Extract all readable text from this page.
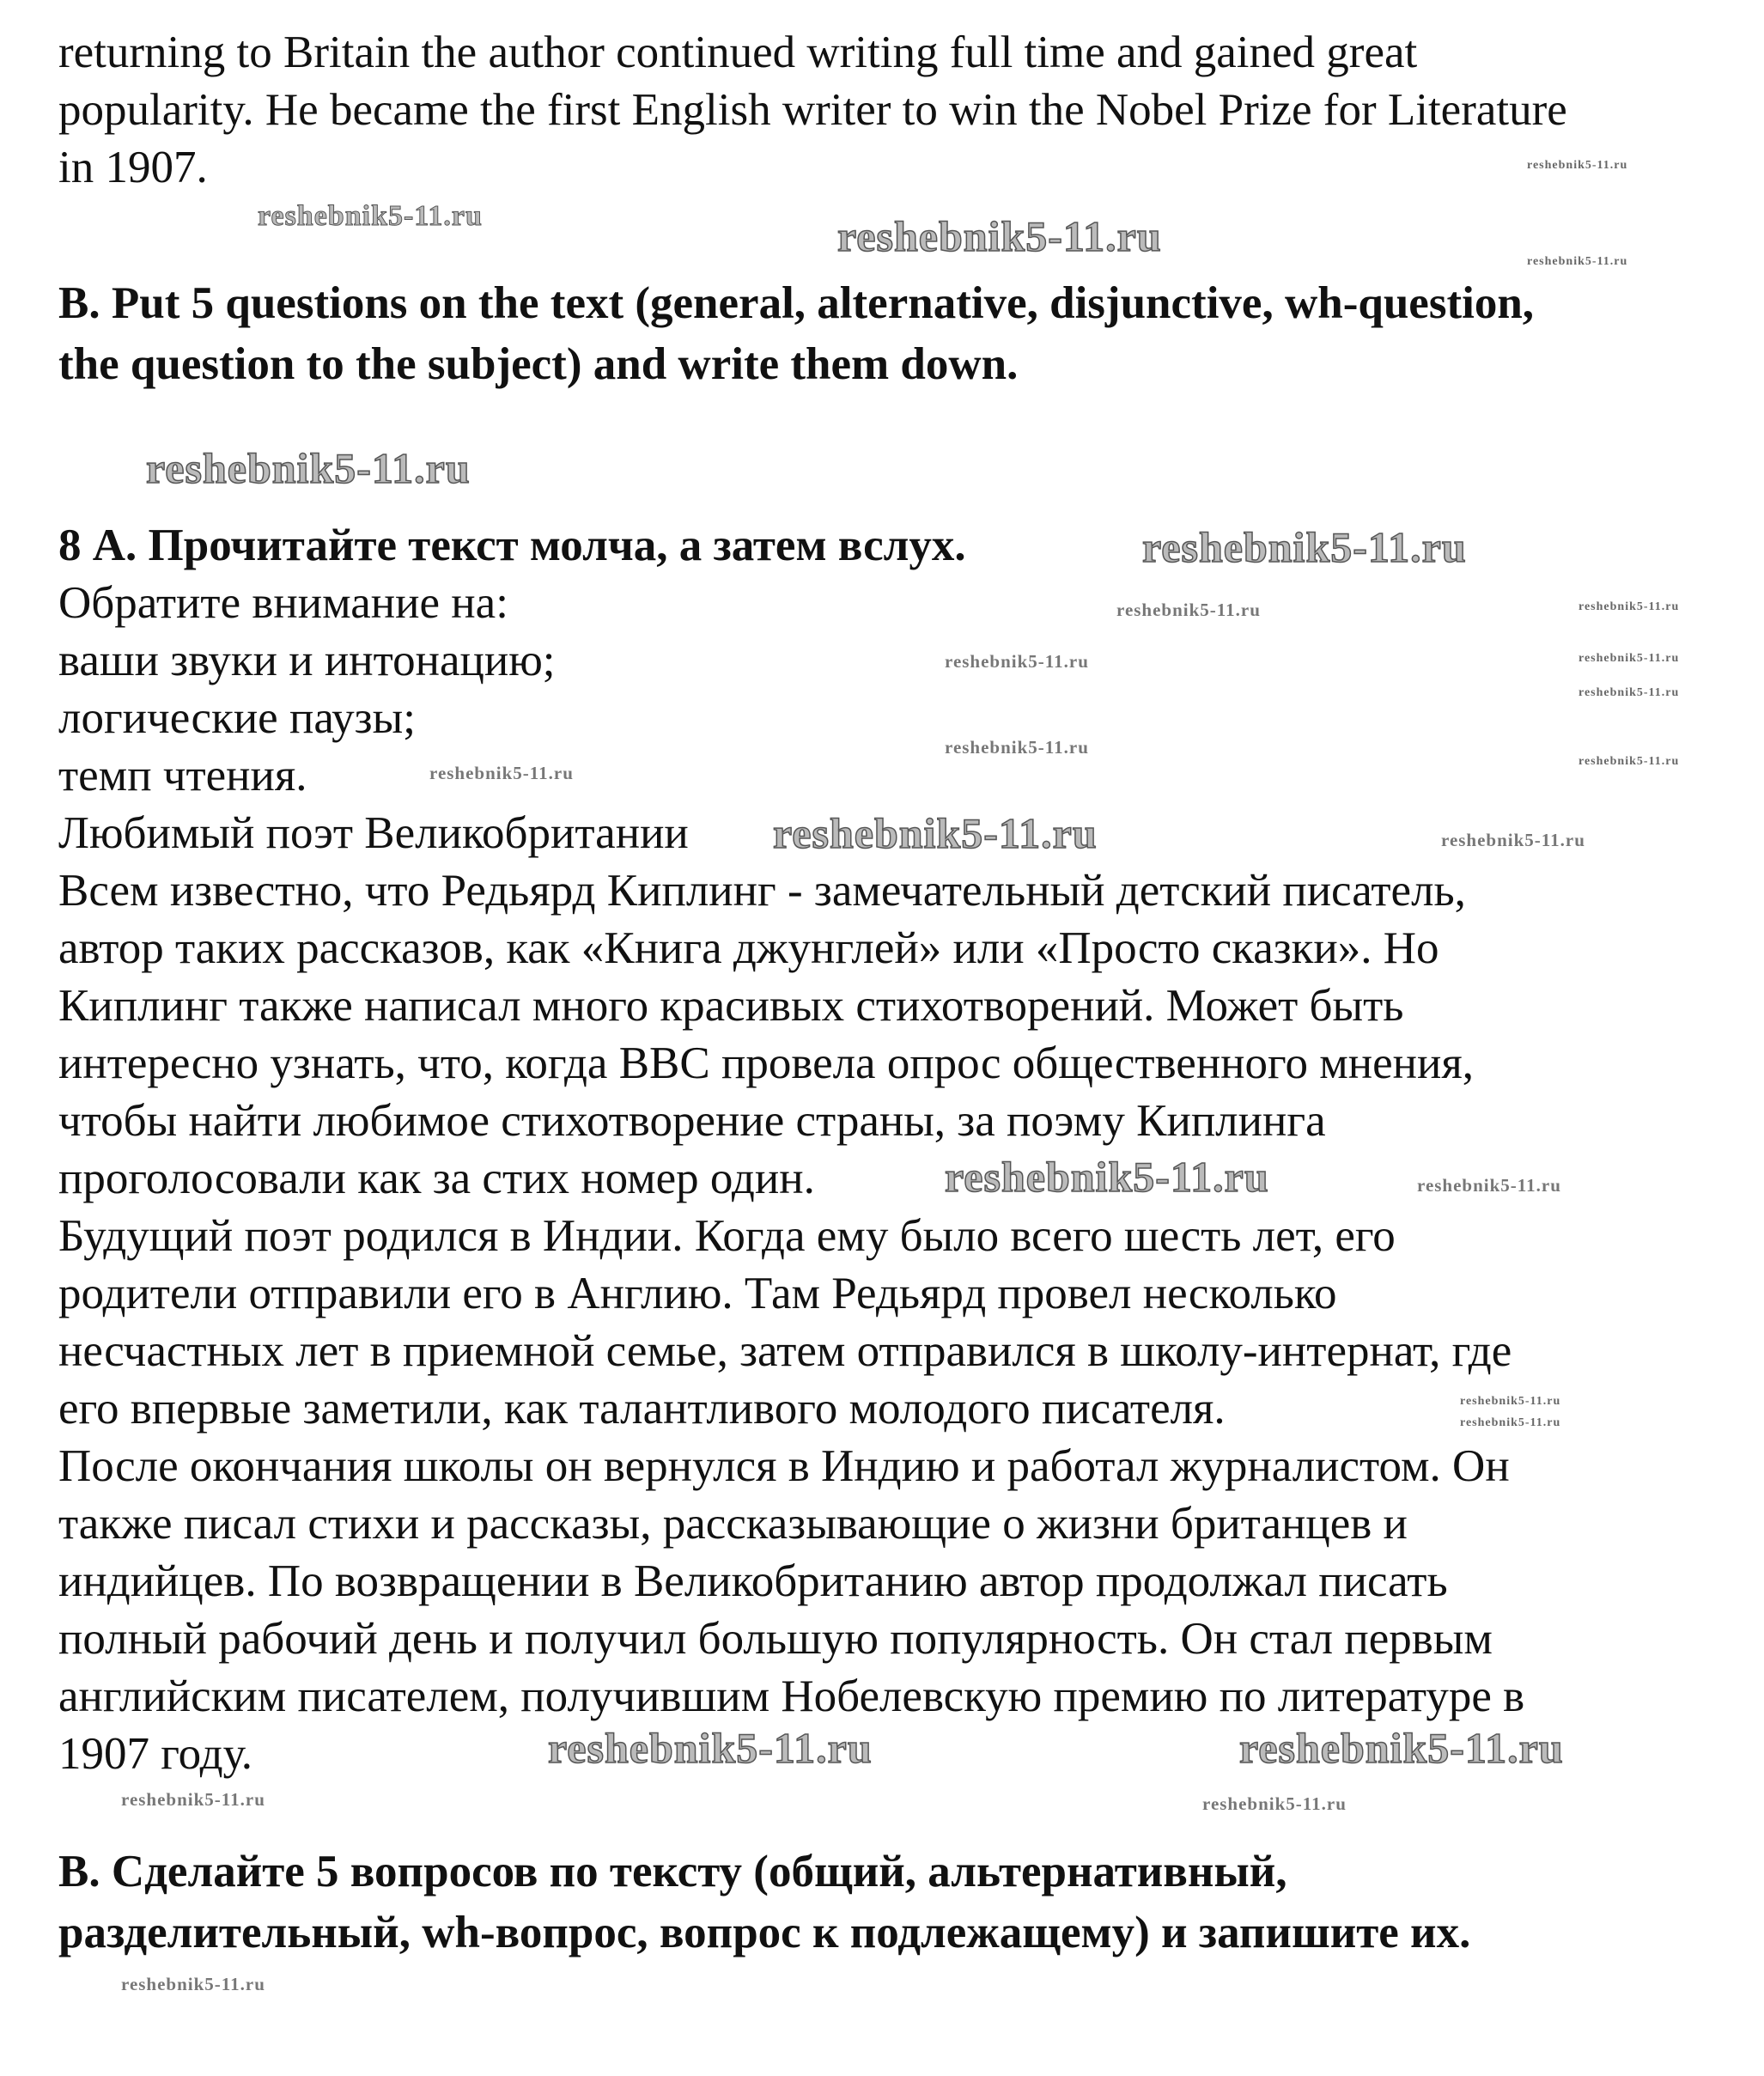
returning to Britain the author continued writing full time and gained great
popularity. He became the first English writer to win the Nobel Prize for Literature
in 1907.
B. Put 5 questions on the text (general, alternative, disjunctive, wh-question,
the question to the subject) and write them down.
8 А. Прочитайте текст молча, а затем вслух.
Обратите внимание на:
ваши звуки и интонацию;
логические паузы;
темп чтения.
Любимый поэт Великобритании
Всем известно, что Редьярд Киплинг - замечательный детский писатель,
автор таких рассказов, как «Книга джунглей» или «Просто сказки». Но
Киплинг также написал много красивых стихотворений. Может быть
интересно узнать, что, когда BBC провела опрос общественного мнения,
чтобы найти любимое стихотворение страны, за поэму Киплинга
проголосовали как за стих номер один.
Будущий поэт родился в Индии. Когда ему было всего шесть лет, его
родители отправили его в Англию. Там Редьярд провел несколько
несчастных лет в приемной семье, затем отправился в школу-интернат, где
его впервые заметили, как талантливого молодого писателя.
После окончания школы он вернулся в Индию и работал журналистом. Он
также писал стихи и рассказы, рассказывающие о жизни британцев и
индийцев. По возвращении в Великобританию автор продолжал писать
полный рабочий день и получил большую популярность. Он стал первым
английским писателем, получившим Нобелевскую премию по литературе в
1907 году.
В. Сделайте 5 вопросов по тексту (общий, альтернативный,
разделительный, wh-вопрос, вопрос к подлежащему) и запишите их.
reshebnik5-11.ru
reshebnik5-11.ru	reshebnik5-11.ru
reshebnik5-11.ru
reshebnik5-11.ru
reshebnik5-11.ru
reshebnik5-11.ru
reshebnik5-11.ru
reshebnik5-11.ru
reshebnik5-11.ru
reshebnik5-11.ru
reshebnik5-11.ru
reshebnik5-11.ru
reshebnik5-11.ru
reshebnik5-11.ru
reshebnik5-11.ru
reshebnik5-11.ru
reshebnik5-11.ru
reshebnik5-11.ru
reshebnik5-11.ru
reshebnik5-11.ru	reshebnik5-11.ru
reshebnik5-11.ru	reshebnik5-11.ru
reshebnik5-11.ru
